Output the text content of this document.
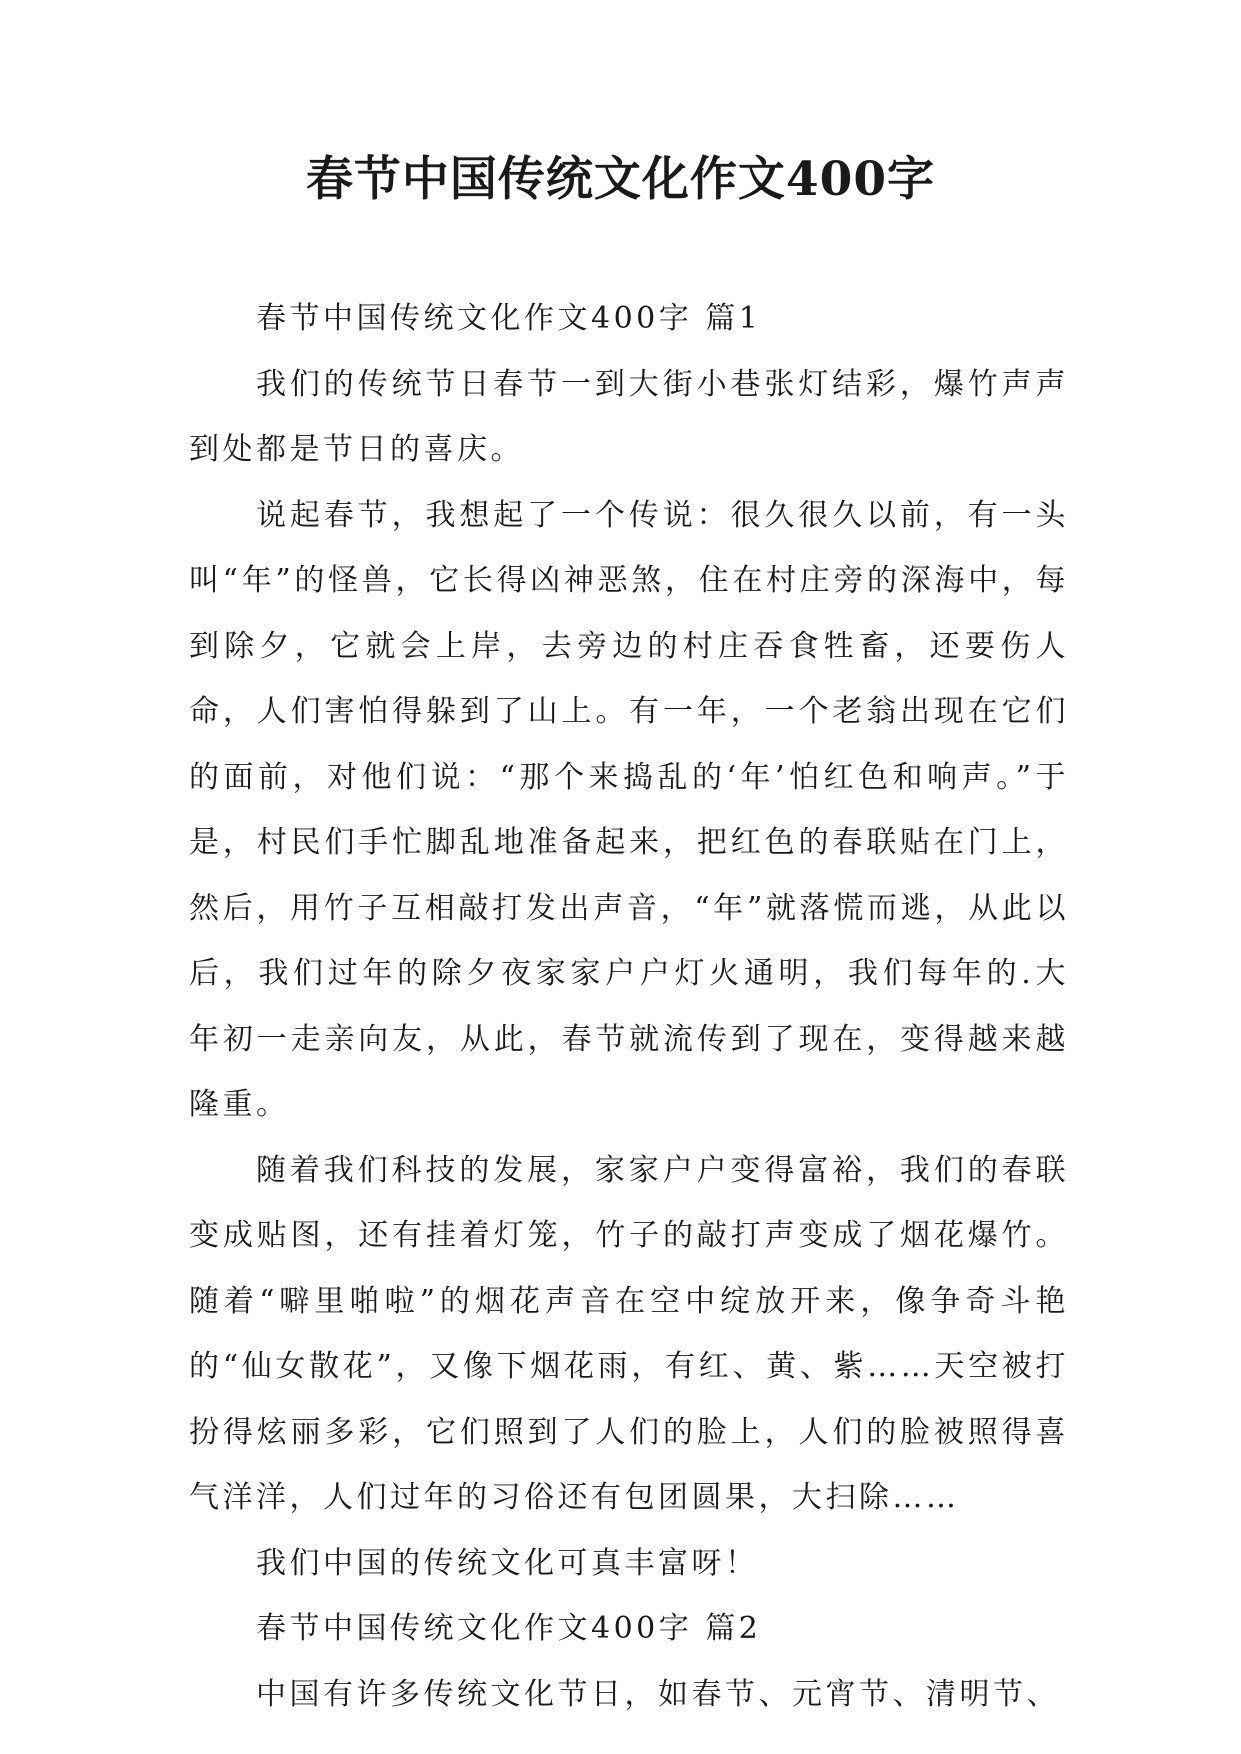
春节中国传统文化作文400字

春节中国传统文化作文400字 篇1

我们的传统节日春节一到大街小巷张灯结彩，爆竹声声到处都是节日的喜庆。

说起春节，我想起了一个传说：很久很久以前，有一头叫“年”的怪兽，它长得凶神恶煞，住在村庄旁的深海中，每到除夕，它就会上岸，去旁边的村庄吞食牲畜，还要伤人命，人们害怕得躲到了山上。有一年，一个老翁出现在它们的面前，对他们说：“那个来捣乱的‘年’怕红色和响声。”于是，村民们手忙脚乱地准备起来，把红色的春联贴在门上，然后，用竹子互相敲打发出声音，“年”就落慌而逃，从此以后，我们过年的除夕夜家家户户灯火通明，我们每年的.大年初一走亲向友，从此，春节就流传到了现在，变得越来越隆重。

随着我们科技的发展，家家户户变得富裕，我们的春联变成贴图，还有挂着灯笼，竹子的敲打声变成了烟花爆竹。随着“噼里啪啦”的烟花声音在空中绽放开来，像争奇斗艳的“仙女散花”，又像下烟花雨，有红、黄、紫……天空被打扮得炫丽多彩，它们照到了人们的脸上，人们的脸被照得喜气洋洋，人们过年的习俗还有包团圆果，大扫除……

我们中国的传统文化可真丰富呀！

春节中国传统文化作文400字 篇2

中国有许多传统文化节日，如春节、元宵节、清明节、
